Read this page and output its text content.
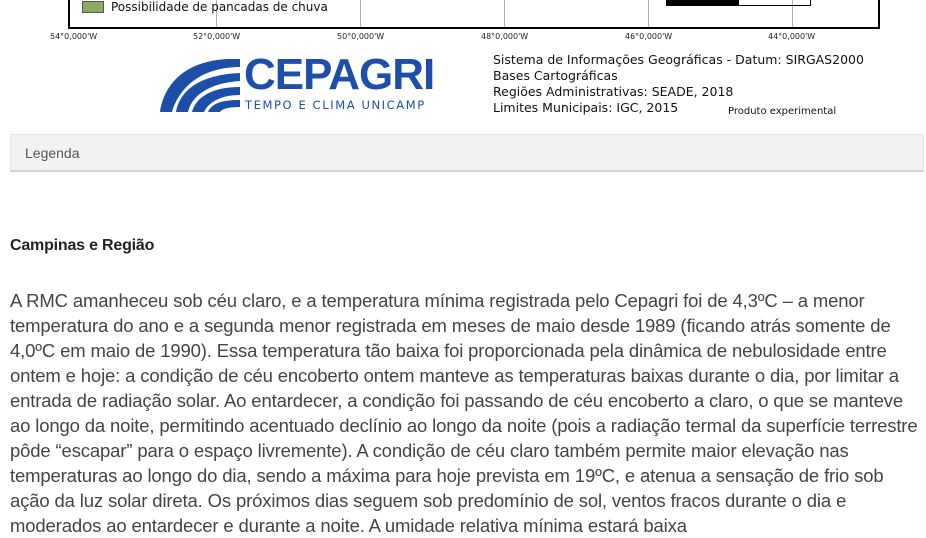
Possibilidade de pancadas de chuva
54°0,000'W	52°0,000'W	50°0,000'W	48°0,000'W	46°0,000'W	44°0,000'W
CEPAGRI
TEMPO E CLIMA UNICAMP
Sistema de Informações Geográficas - Datum: SIRGAS2000
Bases Cartográficas
Regiões Administrativas: SEADE, 2018
Limites Municipais: IGC, 2015	Produto experimental
Legenda
Campinas e Região

A RMC amanheceu sob céu claro, e a temperatura mínima registrada pelo Cepagri foi de 4,3ºC – a menor temperatura do ano e a segunda menor registrada em meses de maio desde 1989 (ficando atrás somente de 4,0ºC em maio de 1990). Essa temperatura tão baixa foi proporcionada pela dinâmica de nebulosidade entre ontem e hoje: a condição de céu encoberto ontem manteve as temperaturas baixas durante o dia, por limitar a entrada de radiação solar. Ao entardecer, a condição foi passando de céu encoberto a claro, o que se manteve ao longo da noite, permitindo acentuado declínio ao longo da noite (pois a radiação termal da superfície terrestre pôde “escapar” para o espaço livremente). A condição de céu claro também permite maior elevação nas temperaturas ao longo do dia, sendo a máxima para hoje prevista em 19ºC, e atenua a sensação de frio sob ação da luz solar direta. Os próximos dias seguem sob predomínio de sol, ventos fracos durante o dia e moderados ao entardecer e durante a noite. A umidade relativa mínima estará baixa
